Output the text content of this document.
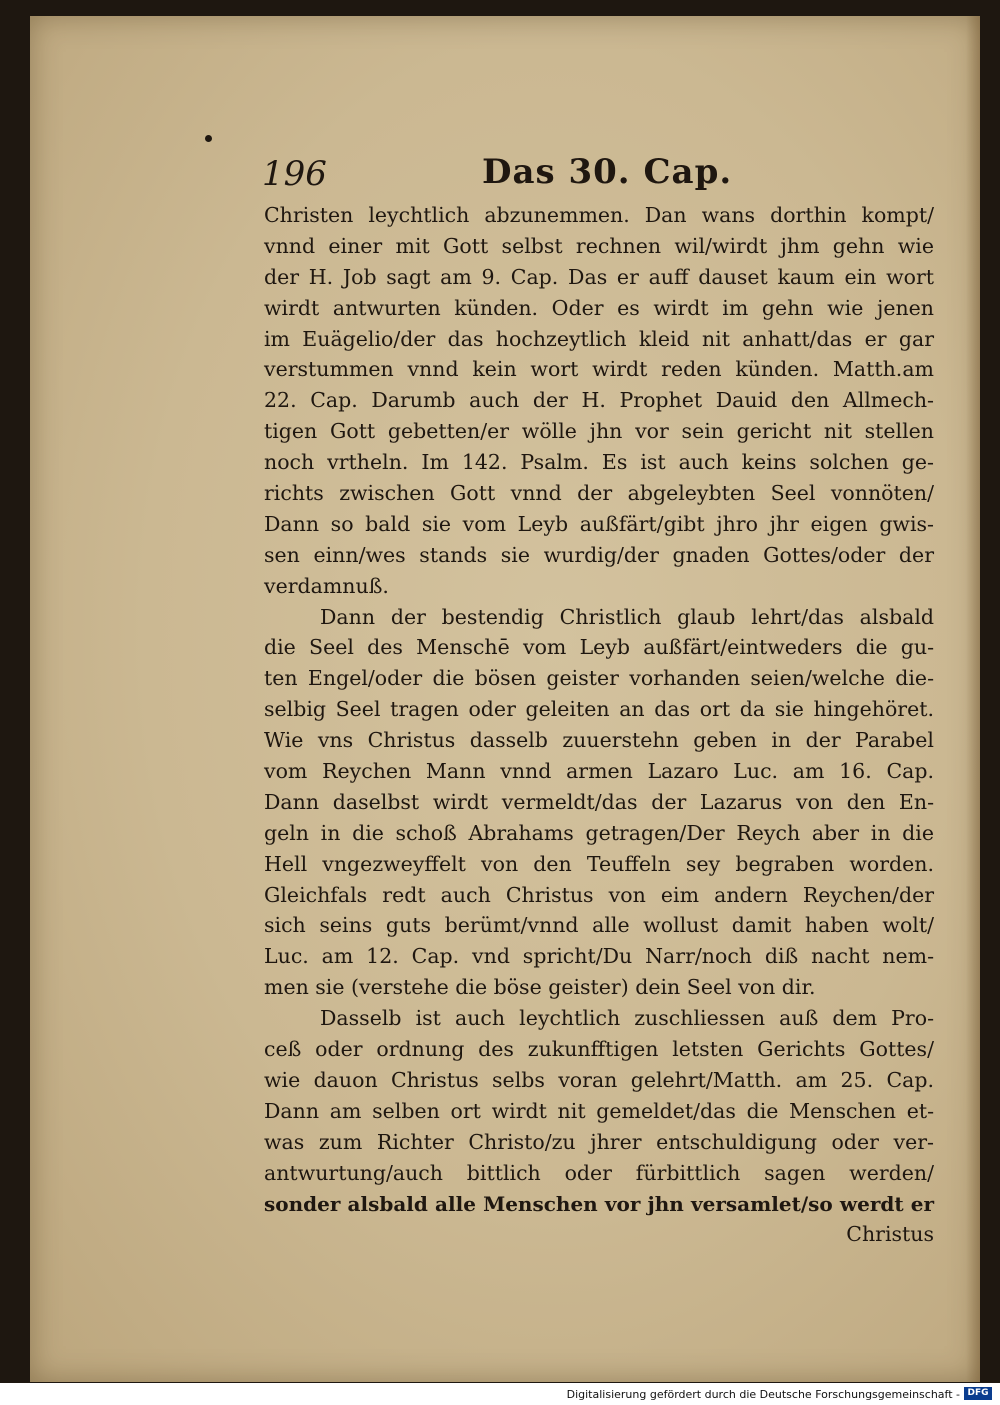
196	Das 30. Cap.
Christen leychtlich abzunemmen. Dan wans dorthin kompt/
vnnd einer mit Gott selbst rechnen wil/wirdt jhm gehn wie
der H. Job sagt am 9. Cap. Das er auff dauset kaum ein wort
wirdt antwurten künden. Oder es wirdt im gehn wie jenen
im Euägelio/der das hochzeytlich kleid nit anhatt/das er gar
verstummen vnnd kein wort wirdt reden künden. Matth.am
22. Cap. Darumb auch der H. Prophet Dauid den Allmech-
tigen Gott gebetten/er wölle jhn vor sein gericht nit stellen
noch vrtheln. Im 142. Psalm. Es ist auch keins solchen ge-
richts zwischen Gott vnnd der abgeleybten Seel vonnöten/
Dann so bald sie vom Leyb außfärt/gibt jhro jhr eigen gwis-
sen einn/wes stands sie wurdig/der gnaden Gottes/oder der
verdamnuß.
Dann der bestendig Christlich glaub lehrt/das alsbald
die Seel des Menschē vom Leyb außfärt/eintweders die gu-
ten Engel/oder die bösen geister vorhanden seien/welche die-
selbig Seel tragen oder geleiten an das ort da sie hingehöret.
Wie vns Christus dasselb zuuerstehn geben in der Parabel
vom Reychen Mann vnnd armen Lazaro Luc. am 16. Cap.
Dann daselbst wirdt vermeldt/das der Lazarus von den En-
geln in die schoß Abrahams getragen/Der Reych aber in die
Hell vngezweyffelt von den Teuffeln sey begraben worden.
Gleichfals redt auch Christus von eim andern Reychen/der
sich seins guts berümt/vnnd alle wollust damit haben wolt/
Luc. am 12. Cap. vnd spricht/Du Narr/noch diß nacht nem-
men sie (verstehe die böse geister) dein Seel von dir.
Dasselb ist auch leychtlich zuschliessen auß dem Pro-
ceß oder ordnung des zukunfftigen letsten Gerichts Gottes/
wie dauon Christus selbs voran gelehrt/Matth. am 25. Cap.
Dann am selben ort wirdt nit gemeldet/das die Menschen et-
was zum Richter Christo/zu jhrer entschuldigung oder ver-
antwurtung/auch bittlich oder fürbittlich sagen werden/
sonder alsbald alle Menschen vor jhn versamlet/so werdt er
Christus
Digitalisierung gefördert durch die Deutsche Forschungsgemeinschaft - DFG
